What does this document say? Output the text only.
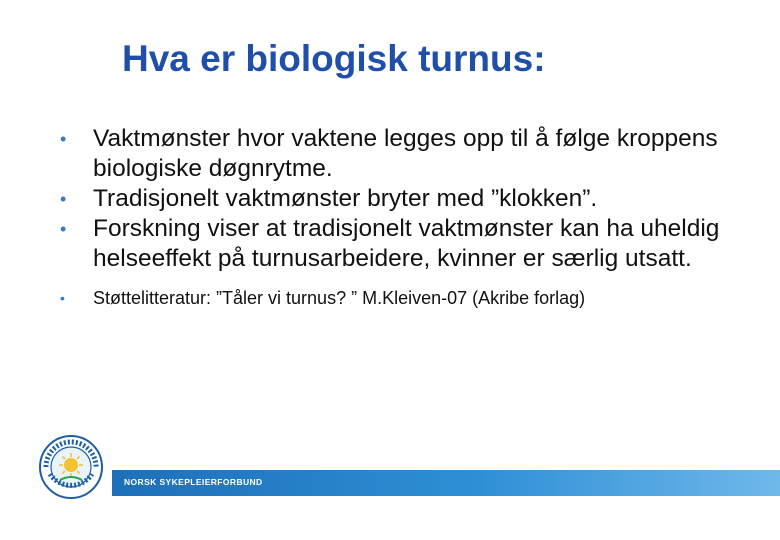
Hva er biologisk turnus:
• Vaktmønster hvor vaktene legges opp til å følge kroppens biologiske døgnrytme.
• Tradisjonelt vaktmønster bryter med ”klokken”.
• Forskning viser at tradisjonelt vaktmønster kan ha uheldig helseeffekt på turnusarbeidere, kvinner er særlig utsatt.
• Støttelitteratur: ”Tåler vi turnus? ” M.Kleiven-07 (Akribe forlag)
NORSK SYKEPLEIERFORBUND
